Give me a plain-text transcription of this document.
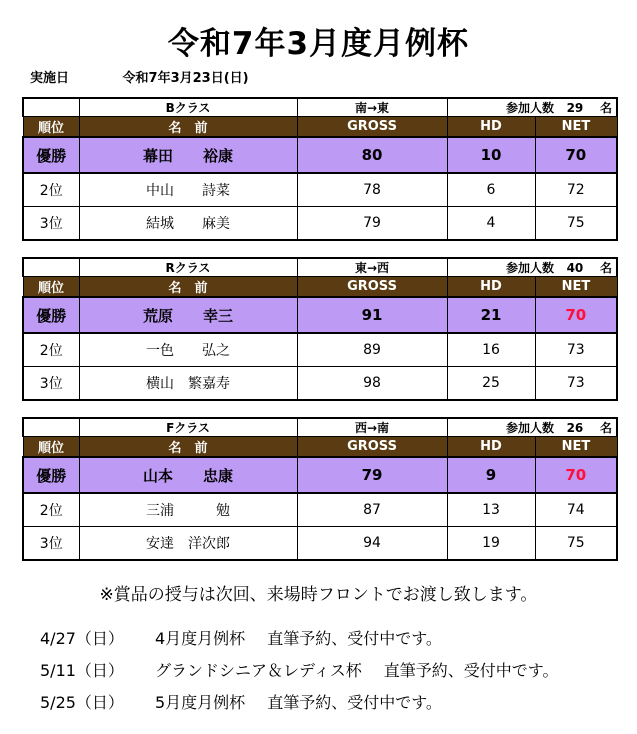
令和7年3月度月例杯
実施日	令和7年3月23日(日)
	Bクラス	南→東	参加人数 29 名	
順位	名　前	GROSS	HD	NET
優勝	幕田　　裕康	80	10	70
2位	中山　　詩菜	78	6	72
3位	結城　　麻美	79	4	75
	Rクラス	東→西	参加人数 40 名	
順位	名　前	GROSS	HD	NET
優勝	荒原　　幸三	91	21	70
2位	一色　　弘之	89	16	73
3位	横山　繁嘉寿	98	25	73
	Fクラス	西→南	参加人数 26 名	
順位	名　前	GROSS	HD	NET
優勝	山本　　忠康	79	9	70
2位	三浦　　　勉	87	13	74
3位	安達　洋次郎	94	19	75
※賞品の授与は次回、来場時フロントでお渡し致します。
4/27（日） 4月度月例杯 直筆予約、受付中です。
5/11（日） グランドシニア＆レディス杯 直筆予約、受付中です。
5/25（日） 5月度月例杯 直筆予約、受付中です。
